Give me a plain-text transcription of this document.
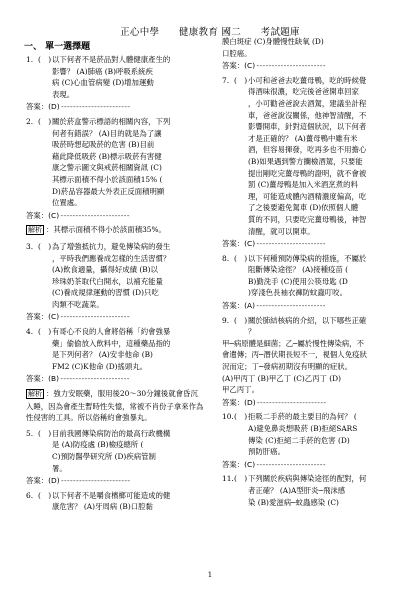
正心中學　　健康教育 國二　　考試題庫
一、 單一選擇題
1. (　) 以下何者不是菸品對人體健康產生的
影響？ (A)肺癌 (B)呼吸系統疾
病 (C)心血管病變 (D)增加運動
表現。
答案：(D) - - - - - - - - - - - - - - - - - - - - - - -
2. (　) 關於菸盒警示標語的相關內容，下列
何者有錯誤？ (A)目的就是為了讓
吸菸時想起吸菸的危害 (B)目前
藉此降低吸菸 (B)標示吸菸有害健
康之警示圖文與戒菸相關資訊 (C)
其標示面積不得小於該面積15% (
D)菸品容器最大外表正反面積明顯
位置處。
答案：(C) - - - - - - - - - - - - - - - - - - - - - - -
解析 ：其標示面積不得小於該面積35%。
3. (　) 為了增強抵抗力，避免傳染病的發生
，平時我們應養成怎樣的生活習慣？
(A)飲食適量，攝得好成績 (B)以
珍珠奶茶取代白開水，以補充能量
(C)養成規律運動的習慣 (D)只吃
肉類不吃蔬菜。
答案：(C) - - - - - - - - - - - - - - - - - - - - - - -
4. (　) 有哥心不良的人會將俗稱「約會強暴
藥」偷偷放入飲料中，這種藥品指的
是下列何者？ (A)安非他命 (B)
FM2 (C)K他命 (D)搖頭丸。
答案：(B) - - - - - - - - - - - - - - - - - - - - - - -
解析 ：強力安眠藥，服用後20～30分鐘後就會昏沉入睡，因為會產生暫時性失憶，常被不肖份子拿來作為性侵害的工具。所以俗稱約會強暴丸。
5. (　) 目前我國傳染病防治的最高行政機構
是 (A)防疫處 (B)檢疫總所 (
C)預防醫學研究所 (D)疾病管制
署。
答案：(D) - - - - - - - - - - - - - - - - - - - - - - -
6. (　) 以下何者不是嚼食檳榔可能造成的健
康危害？ (A)牙周病 (B)口腔黏
膜白斑症 (C)身體慢性缺氧 (D)
口腔癌。
答案：(C) - - - - - - - - - - - - - - - - - - - - - - -
7. (　) 小可和爸爸去吃薑母鴨，吃的時候覺
得酒味很濃，吃完後爸爸開車回家
，小可勸爸爸說去酒駕，建議坐計程
車，爸爸說沒關係，他神智清醒，不
影響開車，針對這個狀況，以下何者
才是正確的？ (A)薑母鴨中雖有米
酒，但容易揮發，吃再多也不用擔心
(B)如果遇到警方攔檢酒駕，只要能
提出剛吃完薑母鴨的證明，就不會被
罰 (C)薑母鴨是加入米酒烹煮的料
理，可能造成體內酒精濃度偏高，吃
了之後要避免駕車 (D)依照個人體
質的不同，只要吃完薑母鴨後，神智
清醒，就可以開車。
答案：(C) - - - - - - - - - - - - - - - - - - - - - - -
8. (　) 以下何種預防傳染病的措施，不屬於
阻斷傳染途徑？ (A)接種疫苗 (
B)勤洗手 (C)使用公筷母匙 (D
)穿淺色長袖衣褲防蚊蟲叮咬。
答案：(A) - - - - - - - - - - - - - - - - - - - - - - -
9. (　) 關於肺結核病的介紹，以下哪些正確
？
甲─病原體是細菌；乙─屬於慢性傳染病，不
會遺傳；丙─潛伏期長短不一，視個人免疫狀
況而定；丁─發病初期沒有明顯的症狀。
(A)甲丙丁 (B)甲乙丁 (C)乙丙丁 (D)
甲乙丙丁。
答案：(D) - - - - - - - - - - - - - - - - - - - - - - -
10. (　) 拒吸二手菸的最主要目的為何？ (
A)避免鼻炎想吸菸 (B)拒絕SARS
傳染 (C)拒絕二手菸的危害 (D)
預防肝癌。
答案：(C) - - - - - - - - - - - - - - - - - - - - - - -
11. (　) 下列關於疾病與傳染途徑的配對，何
者正確？ (A)A型肝炎─飛沫感
染 (B)愛滋病─蚊蟲感染 (C)
1
